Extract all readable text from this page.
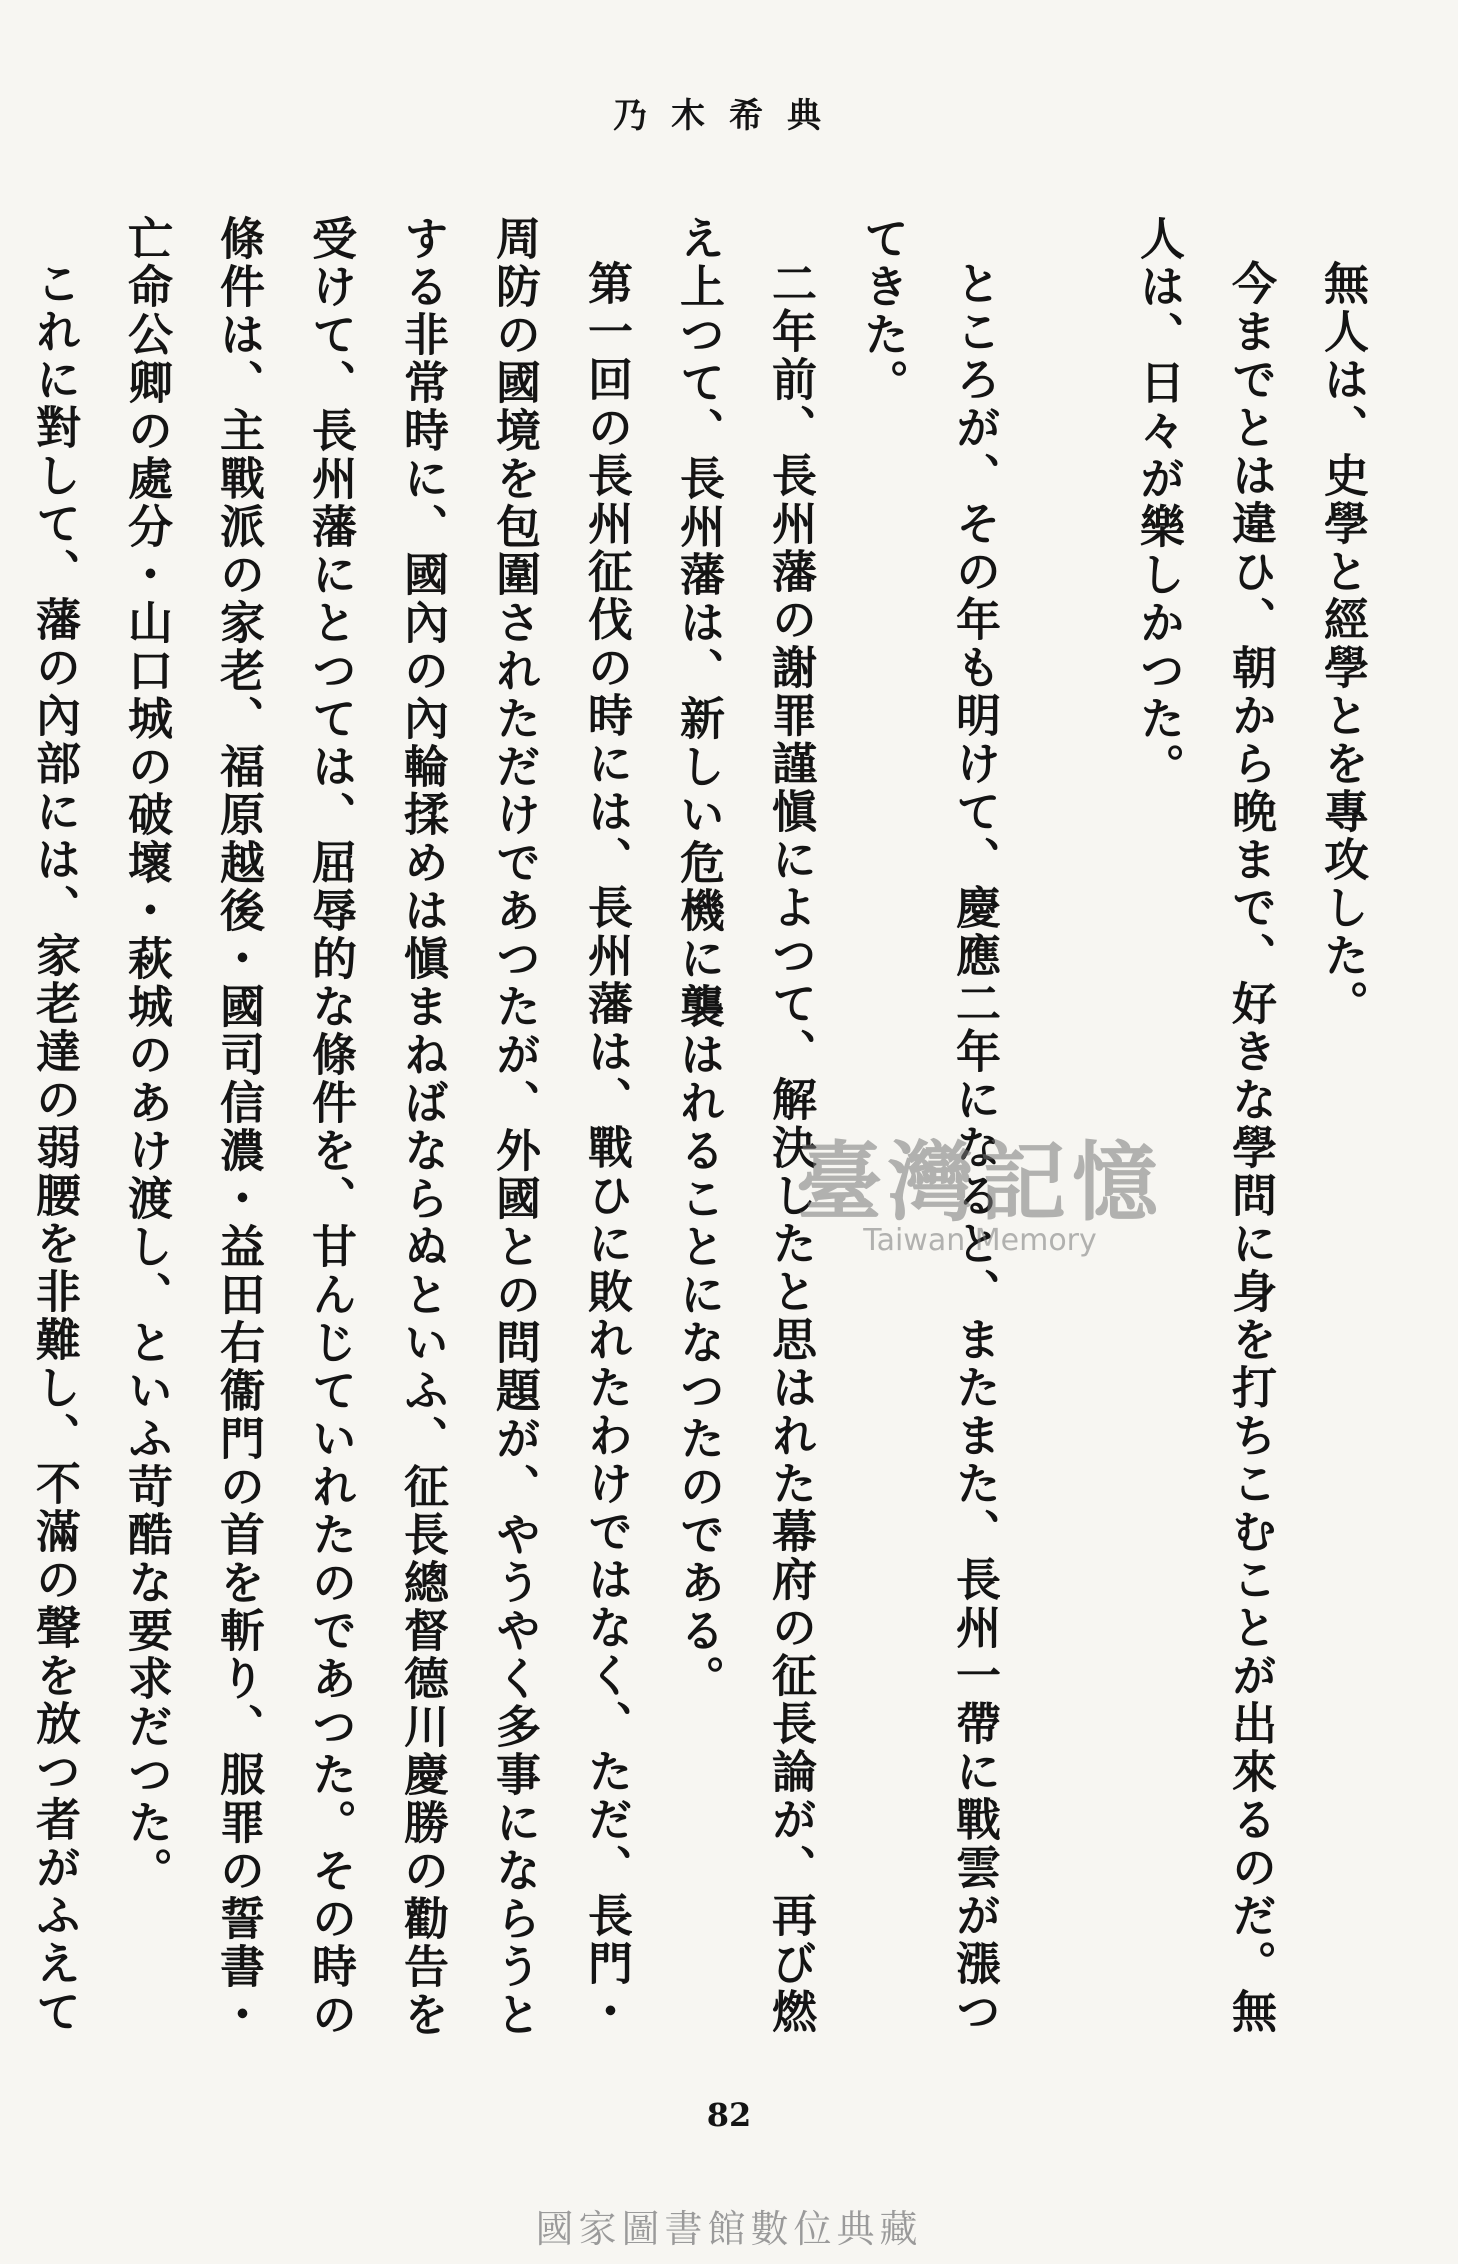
乃木希典

無人は、史學と經學とを專攻した。

今までとは違ひ、朝から晩まで、好きな學問に身を打ちこむことが出來るのだ。無人は、日々が樂しかつた。

ところが、その年も明けて、慶應二年になると、またまた、長州一帶に戰雲が漲つてきた。

二年前、長州藩の謝罪謹愼によつて、解決したと思はれた幕府の征長論が、再び燃え上つて、長州藩は、新しい危機に襲はれることになつたのである。

第一回の長州征伐の時には、長州藩は、戰ひに敗れたわけではなく、ただ、長門・周防の國境を包圍されただけであつたが、外國との問題が、やうやく多事にならうとする非常時に、國內の內輪揉めは愼まねばならぬといふ、征長總督德川慶勝の勸告を受けて、長州藩にとつては、屈辱的な條件を、甘んじていれたのであつた。その時の條件は、主戰派の家老、福原越後・國司信濃・益田右衞門の首を斬り、服罪の誓書・亡命公卿の處分・山口城の破壞・萩城のあけ渡し、といふ苛酷な要求だつた。

これに對して、藩の內部には、家老達の弱腰を非難し、不滿の聲を放つ者がふえて

臺灣記憶
Taiwan Memory
82
國家圖書館數位典藏
